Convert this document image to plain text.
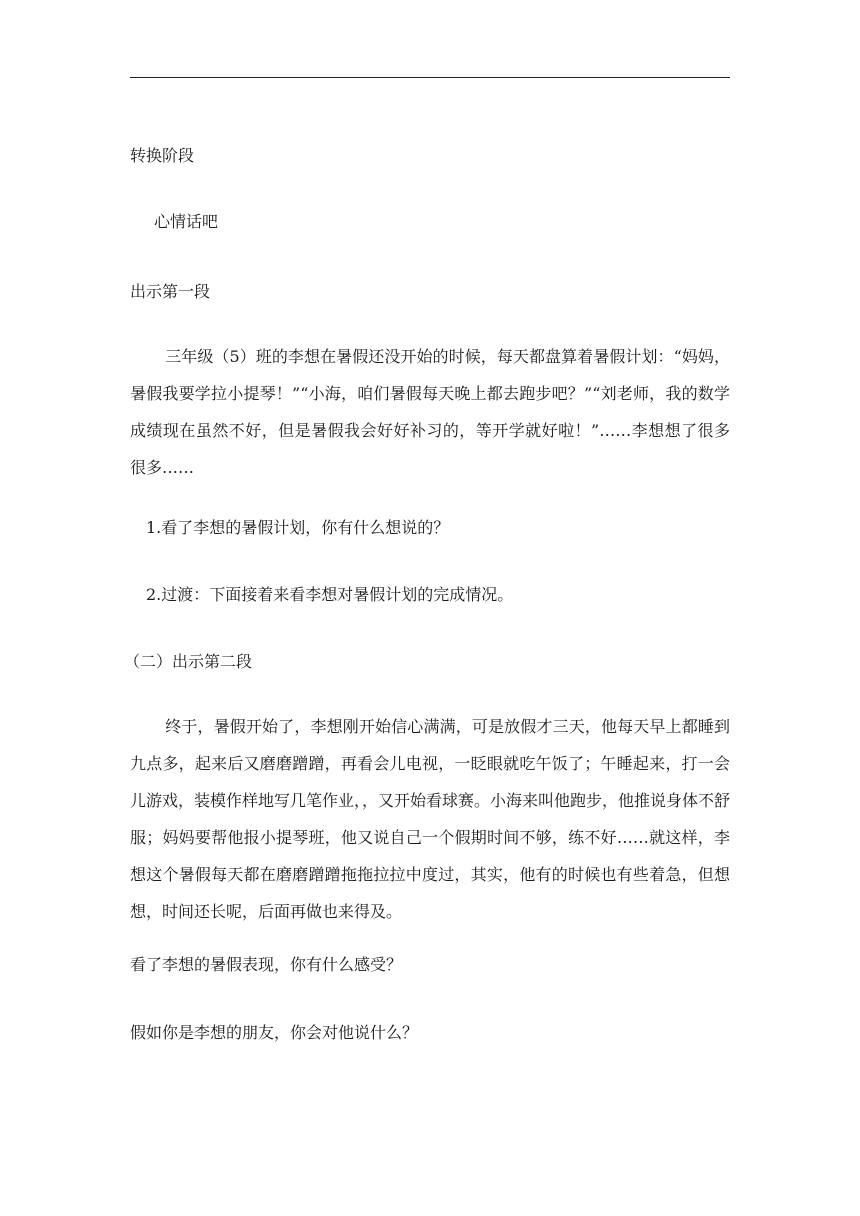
转换阶段
心情话吧
出示第一段
三年级（5）班的李想在暑假还没开始的时候，每天都盘算着暑假计划：“妈妈，暑假我要学拉小提琴！”“小海，咱们暑假每天晚上都去跑步吧？”“刘老师，我的数学成绩现在虽然不好，但是暑假我会好好补习的，等开学就好啦！”……李想想了很多很多……
1.看了李想的暑假计划，你有什么想说的？
2.过渡：下面接着来看李想对暑假计划的完成情况。
（二）出示第二段
终于，暑假开始了，李想刚开始信心满满，可是放假才三天，他每天早上都睡到九点多，起来后又磨磨蹭蹭，再看会儿电视，一眨眼就吃午饭了；午睡起来，打一会儿游戏，装模作样地写几笔作业，，又开始看球赛。小海来叫他跑步，他推说身体不舒服；妈妈要帮他报小提琴班，他又说自己一个假期时间不够，练不好……就这样，李想这个暑假每天都在磨磨蹭蹭拖拖拉拉中度过，其实，他有的时候也有些着急，但想想，时间还长呢，后面再做也来得及。
看了李想的暑假表现，你有什么感受？
假如你是李想的朋友，你会对他说什么？
